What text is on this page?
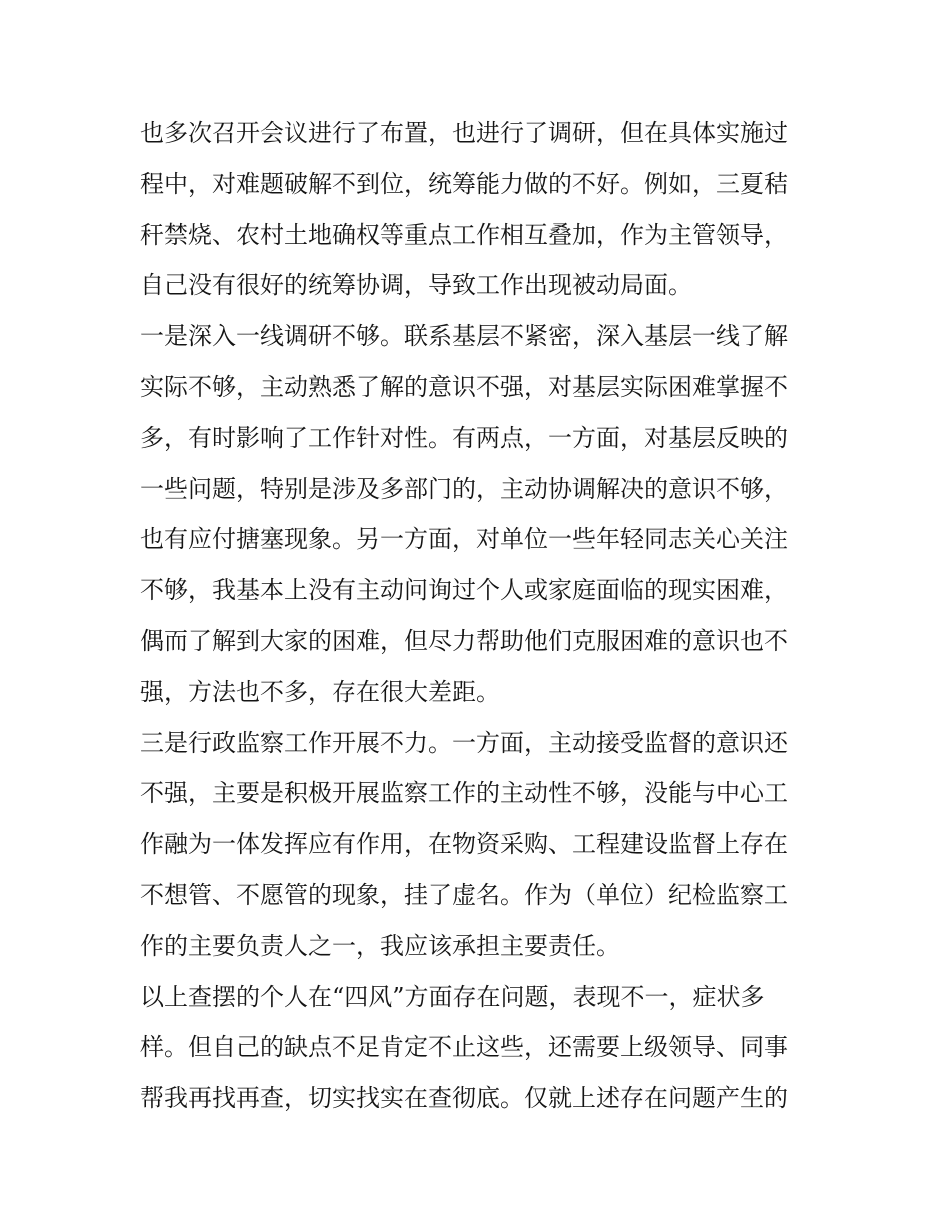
也多次召开会议进行了布置，也进行了调研，但在具体实施过
程中，对难题破解不到位，统筹能力做的不好。例如，三夏秸
秆禁烧、农村土地确权等重点工作相互叠加，作为主管领导，
自己没有很好的统筹协调，导致工作出现被动局面。
一是深入一线调研不够。联系基层不紧密，深入基层一线了解
实际不够，主动熟悉了解的意识不强，对基层实际困难掌握不
多，有时影响了工作针对性。有两点，一方面，对基层反映的
一些问题，特别是涉及多部门的，主动协调解决的意识不够，
也有应付搪塞现象。另一方面，对单位一些年轻同志关心关注
不够，我基本上没有主动问询过个人或家庭面临的现实困难，
偶而了解到大家的困难，但尽力帮助他们克服困难的意识也不
强，方法也不多，存在很大差距。
三是行政监察工作开展不力。一方面，主动接受监督的意识还
不强，主要是积极开展监察工作的主动性不够，没能与中心工
作融为一体发挥应有作用，在物资采购、工程建设监督上存在
不想管、不愿管的现象，挂了虚名。作为（单位）纪检监察工
作的主要负责人之一，我应该承担主要责任。
以上查摆的个人在“四风”方面存在问题，表现不一，症状多
样。但自己的缺点不足肯定不止这些，还需要上级领导、同事
帮我再找再查，切实找实在查彻底。仅就上述存在问题产生的
